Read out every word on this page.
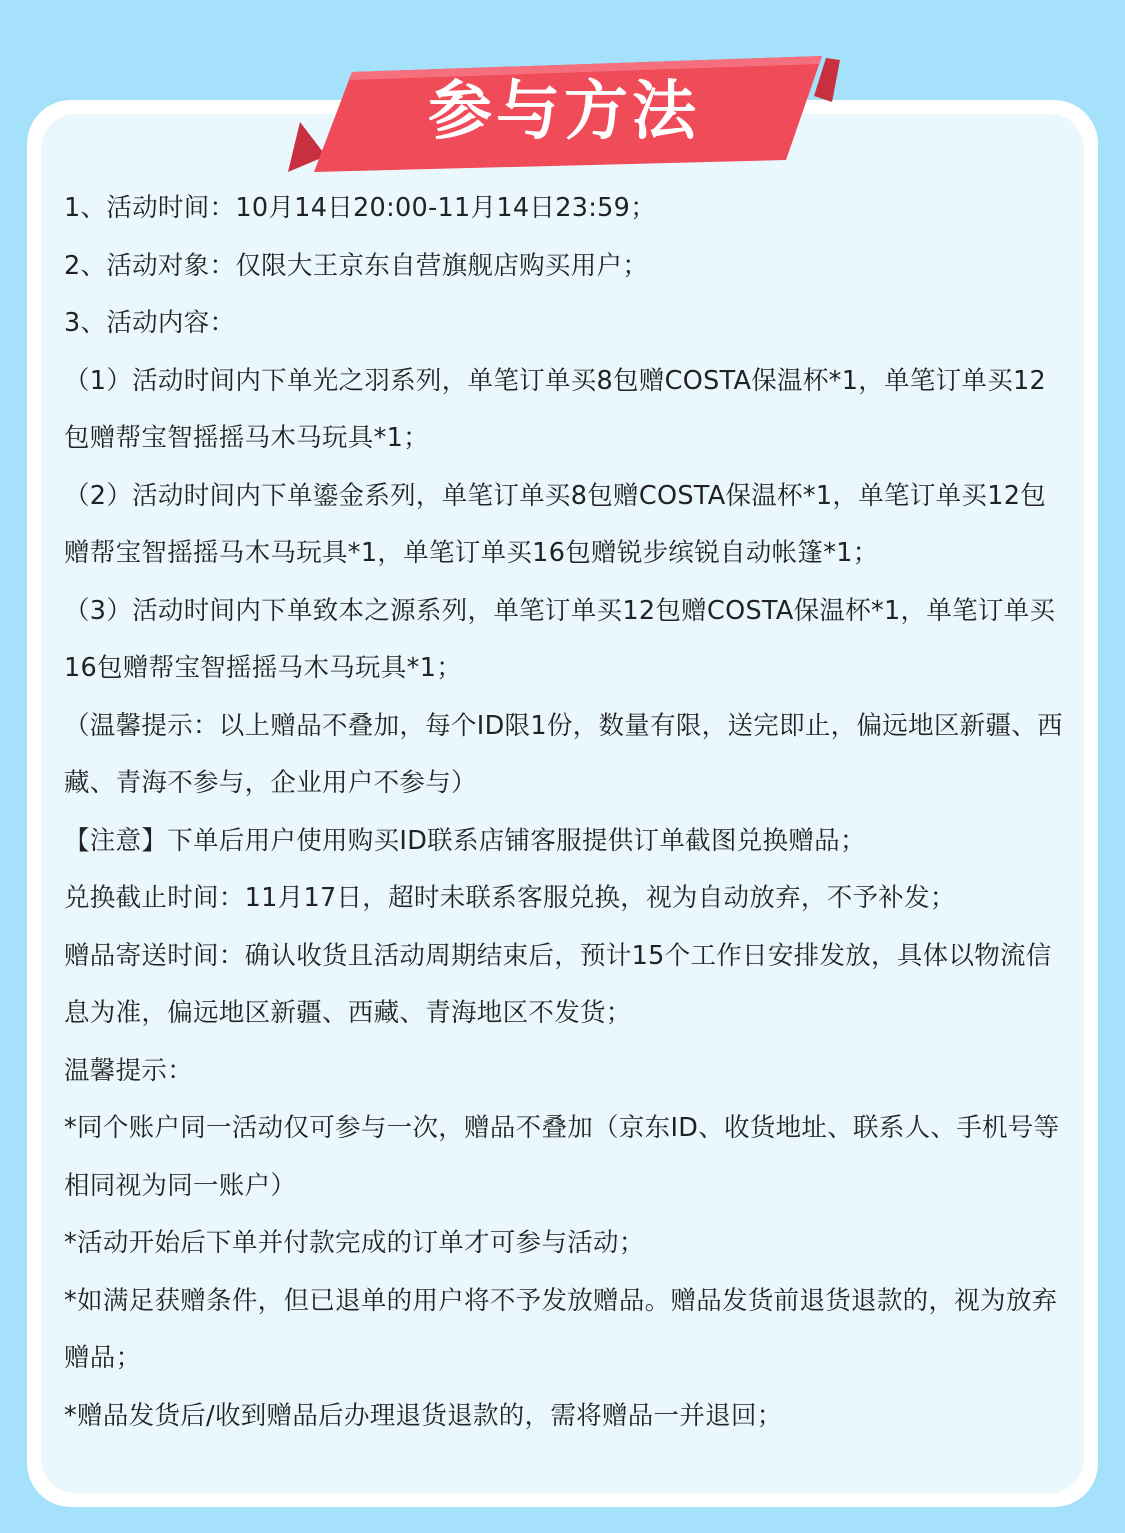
参与方法

1、活动时间：10月14日20:00-11月14日23:59；

2、活动对象：仅限大王京东自营旗舰店购买用户；

3、活动内容：

（1）活动时间内下单光之羽系列，单笔订单买8包赠COSTA保温杯*1，单笔订单买12包赠帮宝智摇摇马木马玩具*1；

（2）活动时间内下单鎏金系列，单笔订单买8包赠COSTA保温杯*1，单笔订单买12包赠帮宝智摇摇马木马玩具*1，单笔订单买16包赠锐步缤锐自动帐篷*1；

（3）活动时间内下单致本之源系列，单笔订单买12包赠COSTA保温杯*1，单笔订单买16包赠帮宝智摇摇马木马玩具*1；

（温馨提示：以上赠品不叠加，每个ID限1份，数量有限，送完即止，偏远地区新疆、西藏、青海不参与，企业用户不参与）

【注意】下单后用户使用购买ID联系店铺客服提供订单截图兑换赠品；

兑换截止时间：11月17日，超时未联系客服兑换，视为自动放弃，不予补发；

赠品寄送时间：确认收货且活动周期结束后，预计15个工作日安排发放，具体以物流信息为准，偏远地区新疆、西藏、青海地区不发货；

温馨提示：

*同个账户同一活动仅可参与一次，赠品不叠加（京东ID、收货地址、联系人、手机号等相同视为同一账户）

*活动开始后下单并付款完成的订单才可参与活动；

*如满足获赠条件，但已退单的用户将不予发放赠品。赠品发货前退货退款的，视为放弃赠品；

*赠品发货后/收到赠品后办理退货退款的，需将赠品一并退回；
